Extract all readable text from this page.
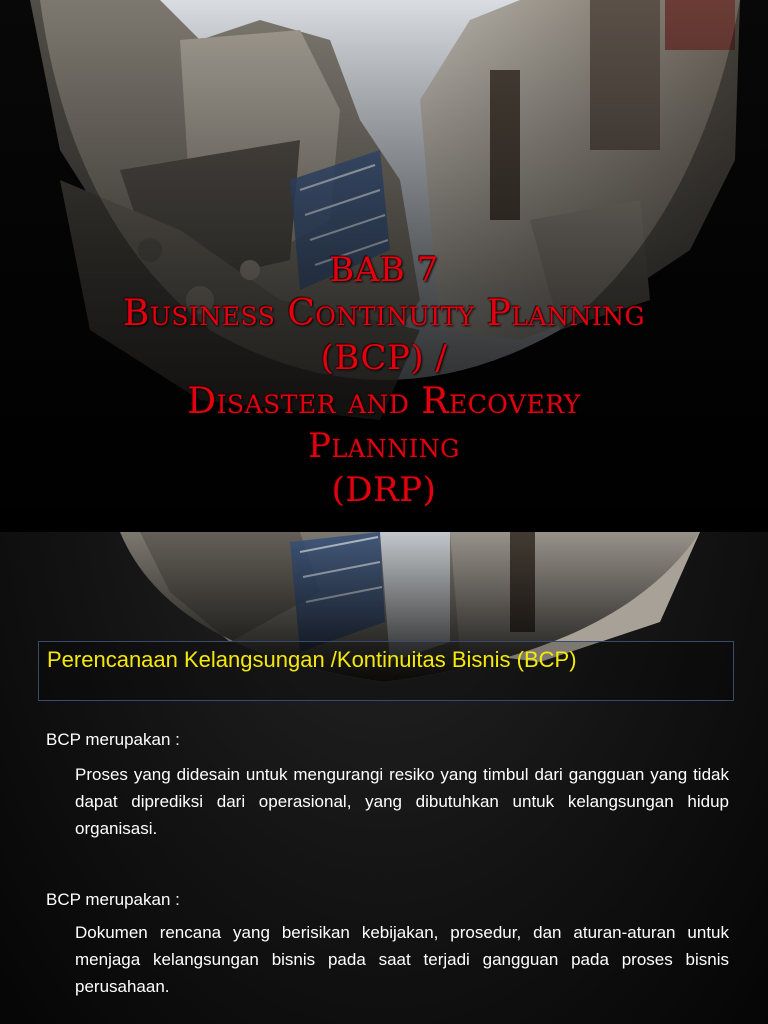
BAB 7
Business Continuity Planning
(BCP) /
Disaster and Recovery
Planning
(DRP)
Perencanaan Kelangsungan /Kontinuitas Bisnis (BCP)
BCP merupakan :
Proses yang didesain untuk mengurangi resiko yang timbul dari gangguan yang tidak dapat diprediksi dari operasional, yang dibutuhkan untuk kelangsungan hidup organisasi.
BCP merupakan :
Dokumen rencana yang berisikan kebijakan, prosedur, dan aturan-aturan untuk menjaga kelangsungan bisnis pada saat terjadi gangguan pada proses bisnis perusahaan.
